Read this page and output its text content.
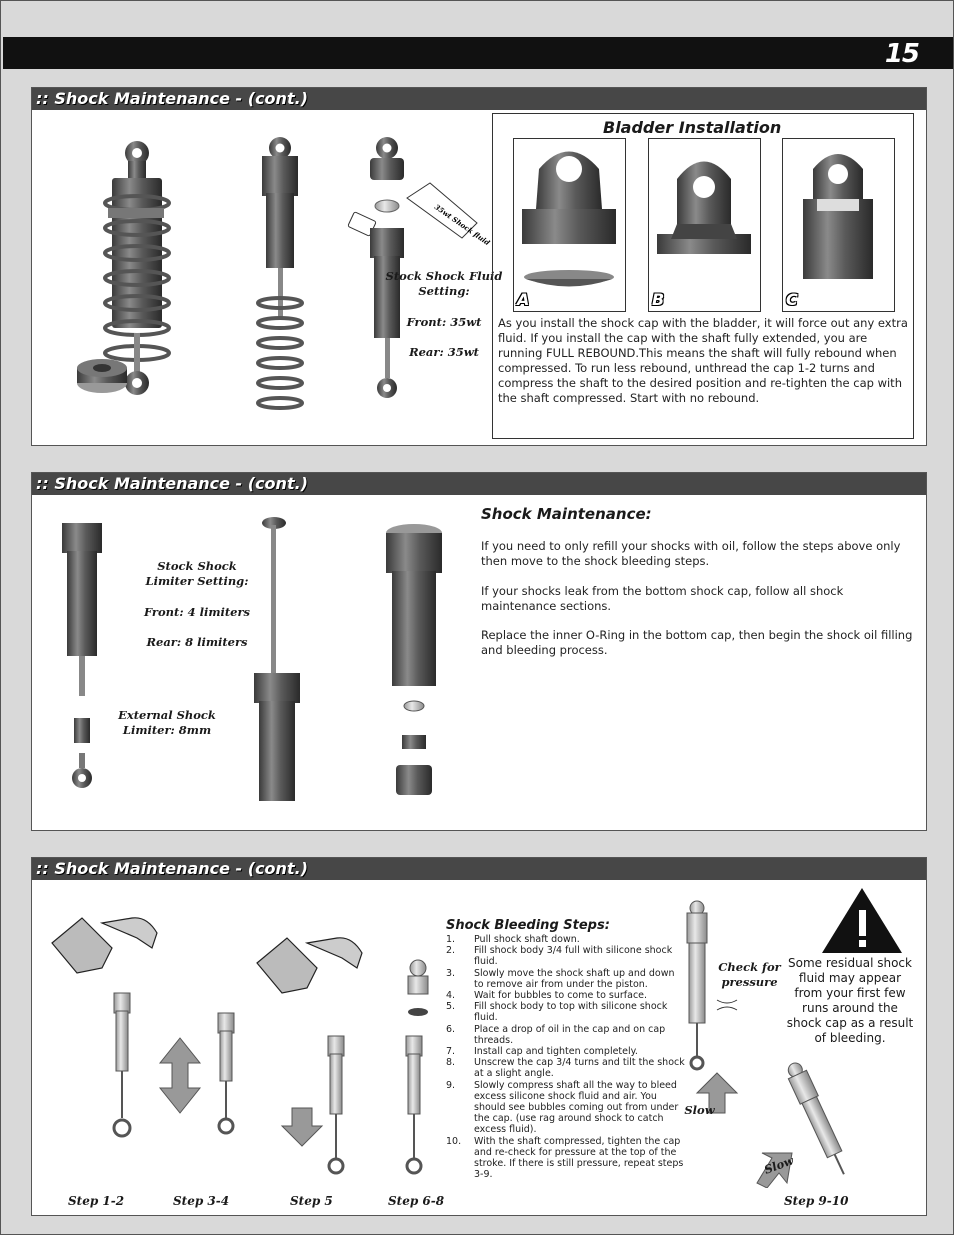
15
:: Shock Maintenance - (cont.)
35wt Shock fluid
Stock Shock Fluid Setting:
Front: 35wt
Rear: 35wt
Bladder Installation
A	B	C
As you install the shock cap with the bladder, it will force out any extra fluid. If you install the cap with the shaft fully extended, you are running FULL REBOUND.This means the shaft will fully rebound when compressed. To run less rebound, unthread the cap 1-2 turns and compress the shaft to the desired position and re-tighten the cap with the shaft compressed. Start with no rebound.
:: Shock Maintenance - (cont.)
Stock Shock Limiter Setting:
Front: 4 limiters
Rear: 8 limiters
External Shock Limiter: 8mm
Shock Maintenance:
If you need to only refill your shocks with oil, follow the steps above only then move to the shock bleeding steps.
If your shocks leak from the bottom shock cap, follow all shock maintenance sections.
Replace the inner O-Ring in the bottom cap, then begin the shock oil filling and bleeding process.
:: Shock Maintenance - (cont.)
Shock Bleeding Steps:
1. Pull shock shaft down.
2. Fill shock body 3/4 full with silicone shock fluid.
3. Slowly move the shock shaft up and down to remove air from under the piston.
4. Wait for bubbles to come to surface.
5. Fill shock body to top with silicone shock fluid.
6. Place a drop of oil in the cap and on cap threads.
7. Install cap and tighten completely.
8. Unscrew the cap 3/4 turns and tilt the shock at a slight angle.
9. Slowly compress shaft all the way to bleed excess silicone shock fluid and air. You should see bubbles coming out from under the cap. (use rag around shock to catch excess fluid).
10. With the shaft compressed, tighten the cap and re-check for pressure at the top of the stroke. If there is still pressure, repeat steps 3-9.
Check for pressure
Slow
Slow
Some residual shock fluid may appear from your first few runs around the shock cap as a result of bleeding.
Step 1-2	Step 3-4	Step 5	Step 6-8	Step 9-10
